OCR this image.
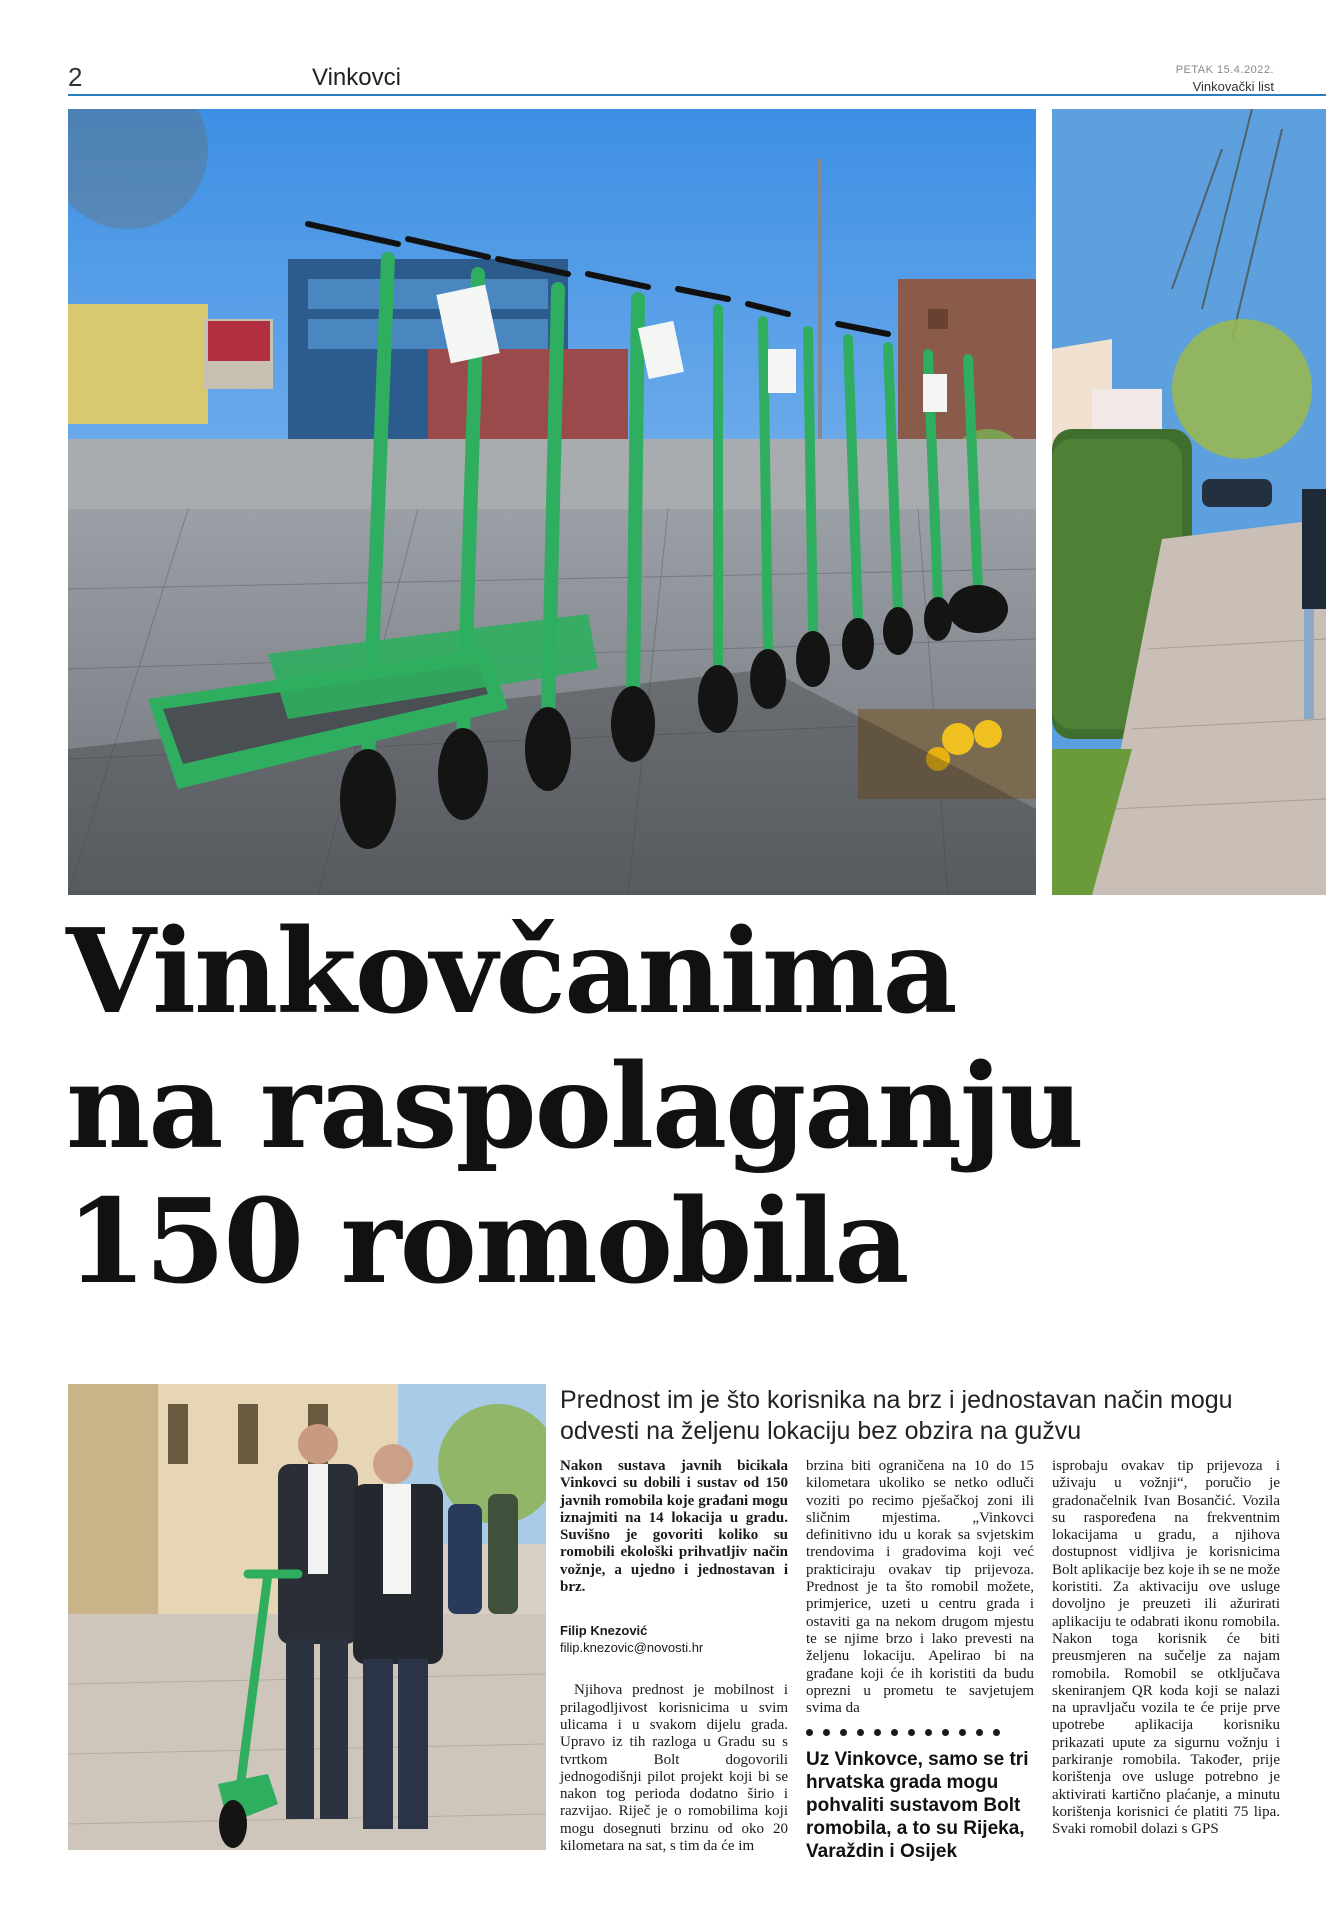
2	Vinkovci	PETAK 15.4.2022.
Vinkovački list
Vinkovčanima
na raspolaganju
150 romobila
Prednost im je što korisnika na brz i jednostavan način mogu odvesti na željenu lokaciju bez obzira na gužvu
Nakon sustava javnih bicikala Vinkovci su dobili i sustav od 150 javnih romobila koje građani mogu iznajmiti na 14 lokacija u gradu. Suvišno je govoriti koliko su romobili ekološki prihvatljiv način vožnje, a ujedno i jednostavan i brz.
Filip Knezović
filip.knezovic@novosti.hr

Njihova prednost je mobilnost i prilagodljivost korisnicima u svim ulicama i u svakom dijelu grada. Upravo iz tih razloga u Gradu su s tvrtkom Bolt dogovorili jednogodišnji pilot projekt koji bi se nakon tog perioda dodatno širio i razvijao. Riječ je o romobilima koji mogu dosegnuti brzinu od oko 20 kilometara na sat, s tim da će im

brzina biti ograničena na 10 do 15 kilometara ukoliko se netko odluči voziti po recimo pješačkoj zoni ili sličnim mjestima. „Vinkovci definitivno idu u korak sa svjetskim trendovima i gradovima koji već prakticiraju ovakav tip prijevoza. Prednost je ta što romobil možete, primjerice, uzeti u centru grada i ostaviti ga na nekom drugom mjestu te se njime brzo i lako prevesti na željenu lokaciju. Apelirao bi na građane koji će ih koristiti da budu oprezni u prometu te savjetujem svima da
Uz Vinkovce, samo se tri hrvatska grada mogu pohvaliti sustavom Bolt romobila, a to su Rijeka, Varaždin i Osijek
isprobaju ovakav tip prijevoza i uživaju u vožnji“, poručio je gradonačelnik Ivan Bosančić. Vozila su raspoređena na frekventnim lokacijama u gradu, a njihova dostupnost vidljiva je korisnicima Bolt aplikacije bez koje ih se ne može koristiti. Za aktivaciju ove usluge dovoljno je preuzeti ili ažurirati aplikaciju te odabrati ikonu romobila. Nakon toga korisnik će biti preusmjeren na sučelje za najam romobila. Romobil se otključava skeniranjem QR koda koji se nalazi na upravljaču vozila te će prije prve upotrebe aplikacija korisniku prikazati upute za sigurnu vožnju i parkiranje romobila. Također, prije korištenja ove usluge potrebno je aktivirati kartično plaćanje, a minutu korištenja korisnici će platiti 75 lipa. Svaki romobil dolazi s GPS
